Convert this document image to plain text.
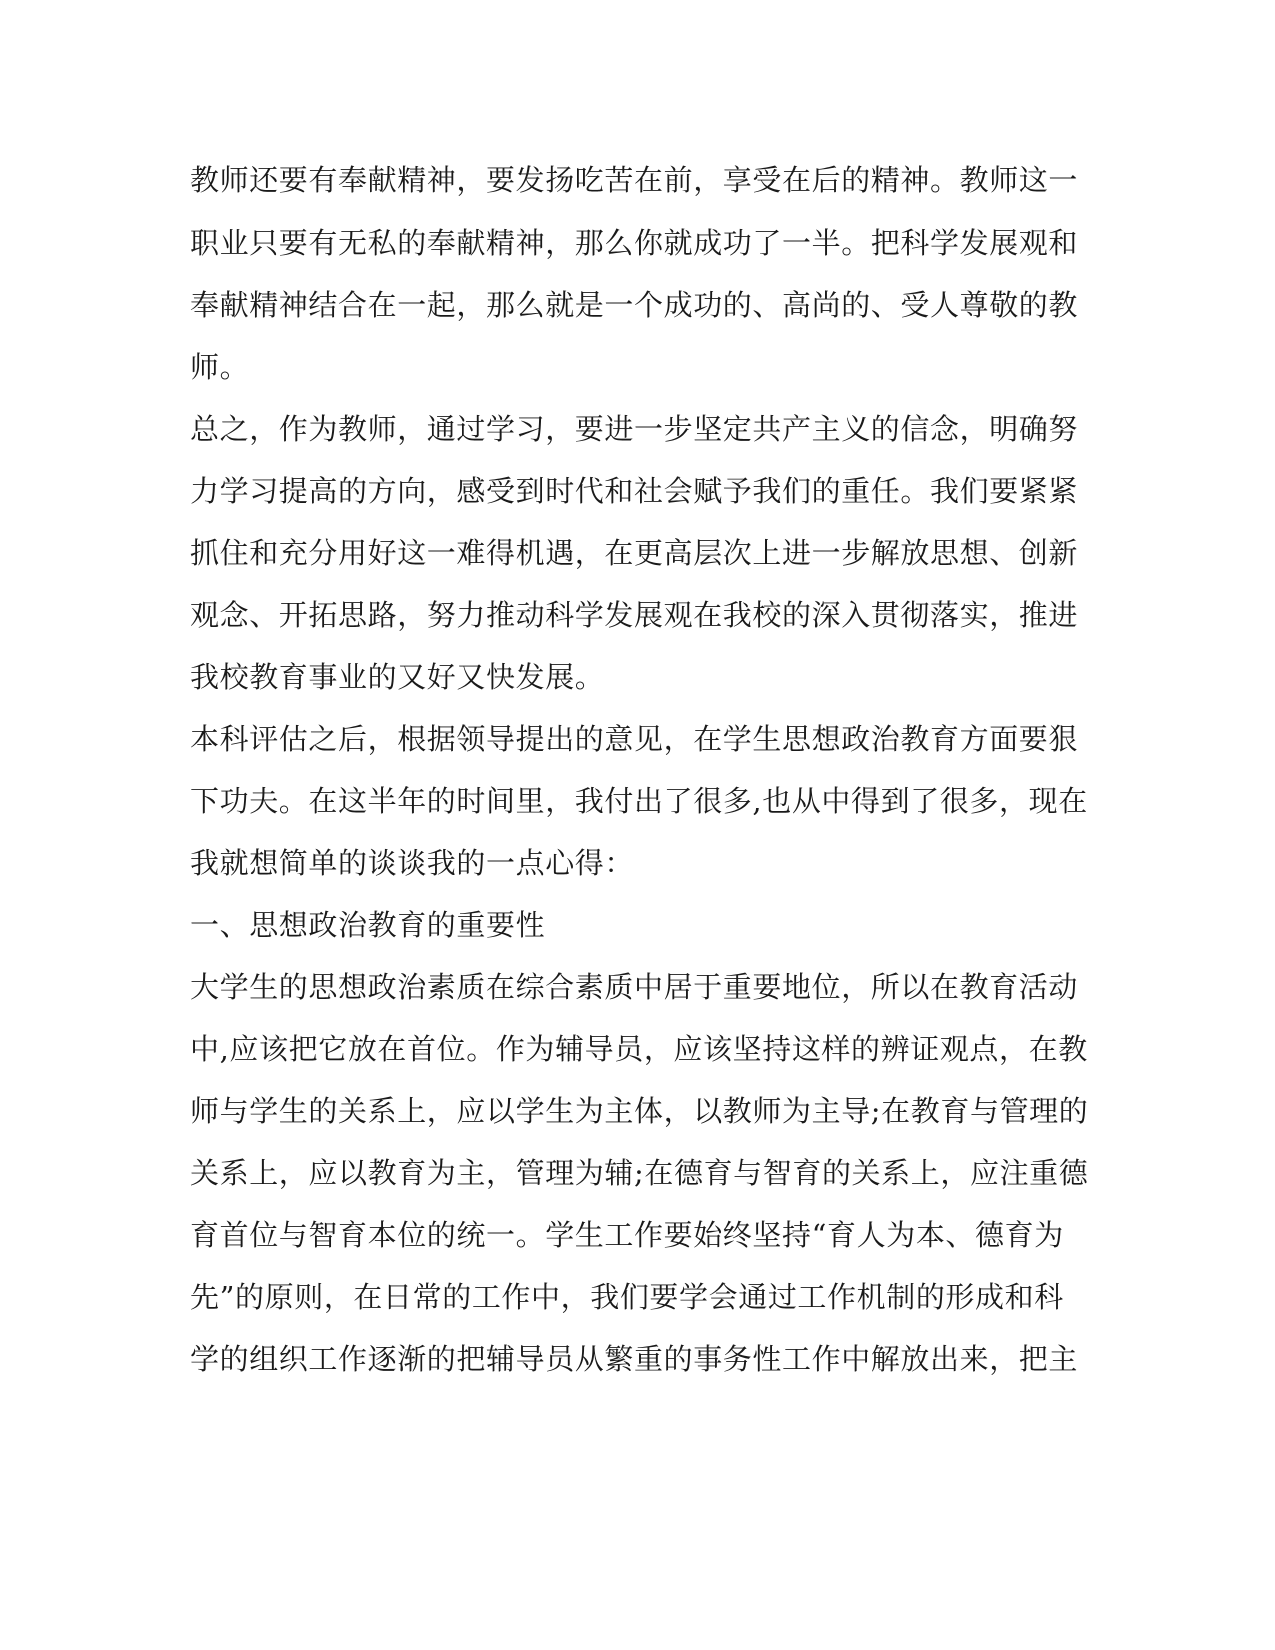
教师还要有奉献精神，要发扬吃苦在前，享受在后的精神。教师这一

职业只要有无私的奉献精神，那么你就成功了一半。把科学发展观和

奉献精神结合在一起，那么就是一个成功的、高尚的、受人尊敬的教

师。

总之，作为教师，通过学习，要进一步坚定共产主义的信念，明确努

力学习提高的方向，感受到时代和社会赋予我们的重任。我们要紧紧

抓住和充分用好这一难得机遇，在更高层次上进一步解放思想、创新

观念、开拓思路，努力推动科学发展观在我校的深入贯彻落实，推进

我校教育事业的又好又快发展。

本科评估之后，根据领导提出的意见，在学生思想政治教育方面要狠

下功夫。在这半年的时间里，我付出了很多,也从中得到了很多，现在

我就想简单的谈谈我的一点心得：

一、思想政治教育的重要性

大学生的思想政治素质在综合素质中居于重要地位，所以在教育活动

中,应该把它放在首位。作为辅导员，应该坚持这样的辨证观点，在教

师与学生的关系上，应以学生为主体，以教师为主导;在教育与管理的

关系上，应以教育为主，管理为辅;在德育与智育的关系上，应注重德

育首位与智育本位的统一。学生工作要始终坚持“育人为本、德育为

先”的原则，在日常的工作中，我们要学会通过工作机制的形成和科

学的组织工作逐渐的把辅导员从繁重的事务性工作中解放出来，把主
